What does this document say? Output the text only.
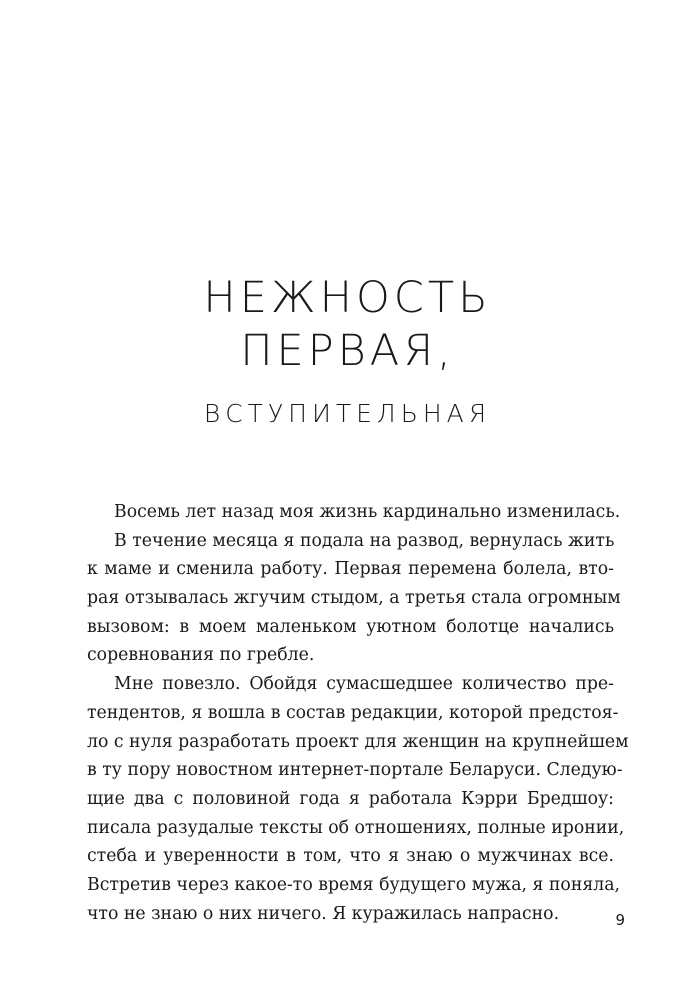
НЕЖНОСТЬ
ПЕРВАЯ,
ВСТУПИТЕЛЬНАЯ
Восемь лет назад моя жизнь кардинально изменилась.
В течение месяца я подала на развод, вернулась жить
к маме и сменила работу. Первая перемена болела, вто-
рая отзывалась жгучим стыдом, а третья стала огромным
вызовом: в моем маленьком уютном болотце начались
соревнования по гребле.
Мне повезло. Обойдя сумасшедшее количество пре-
тендентов, я вошла в состав редакции, которой предстоя-
ло с нуля разработать проект для женщин на крупнейшем
в ту пору новостном интернет-портале Беларуси. Следую-
щие два с половиной года я работала Кэрри Бредшоу:
писала разудалые тексты об отношениях, полные иронии,
стеба и уверенности в том, что я знаю о мужчинах все.
Встретив через какое-то время будущего мужа, я поняла,
что не знаю о них ничего. Я куражилась напрасно.	9
